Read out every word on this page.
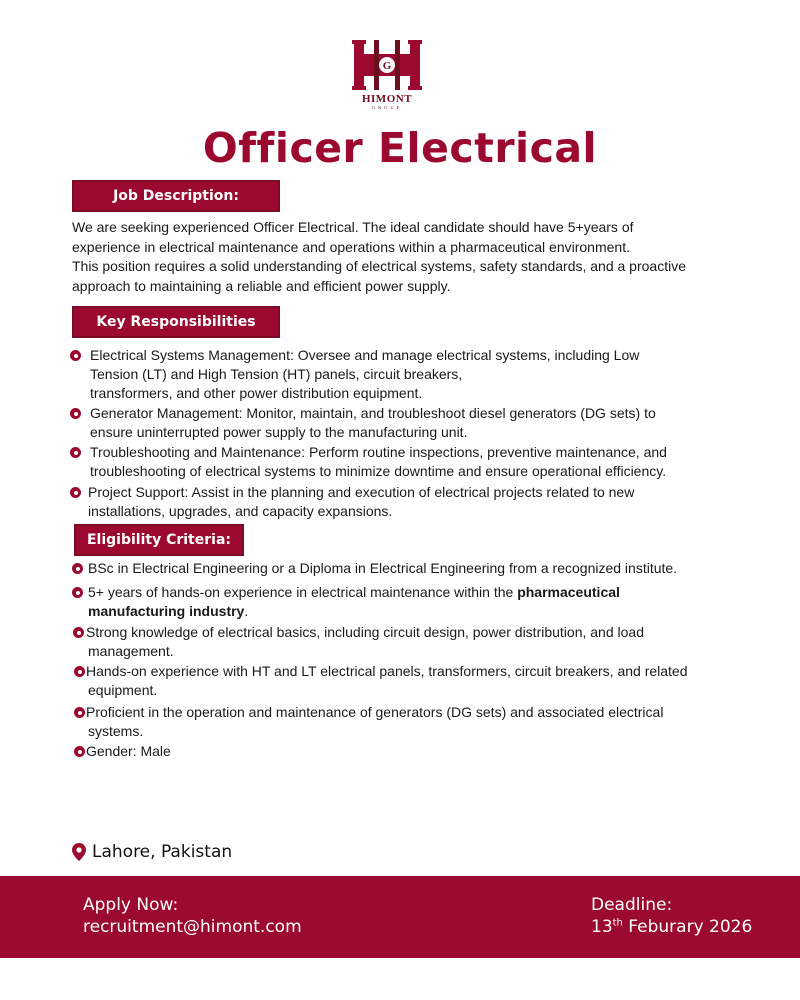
G
HIMONT
GROUP
Officer Electrical
Job Description:
We are seeking experienced Officer Electrical. The ideal candidate should have 5+years of
experience in electrical maintenance and operations within a pharmaceutical environment.
This position requires a solid understanding of electrical systems, safety standards, and a proactive
approach to maintaining a reliable and efficient power supply.
Key Responsibilities
Electrical Systems Management: Oversee and manage electrical systems, including Low
Tension (LT) and High Tension (HT) panels, circuit breakers,
transformers, and other power distribution equipment.
Generator Management: Monitor, maintain, and troubleshoot diesel generators (DG sets) to
ensure uninterrupted power supply to the manufacturing unit.
Troubleshooting and Maintenance: Perform routine inspections, preventive maintenance, and
troubleshooting of electrical systems to minimize downtime and ensure operational efficiency.
Project Support: Assist in the planning and execution of electrical projects related to new
installations, upgrades, and capacity expansions.
Eligibility Criteria:
BSc in Electrical Engineering or a Diploma in Electrical Engineering from a recognized institute.
5+ years of hands-on experience in electrical maintenance within the pharmaceutical
manufacturing industry.
Strong knowledge of electrical basics, including circuit design, power distribution, and load
management.
Hands-on experience with HT and LT electrical panels, transformers, circuit breakers, and related
equipment.
Proficient in the operation and maintenance of generators (DG sets) and associated electrical
systems.
Gender: Male
Lahore, Pakistan
Apply Now:
recruitment@himont.com
Deadline:
13th Feburary 2026
